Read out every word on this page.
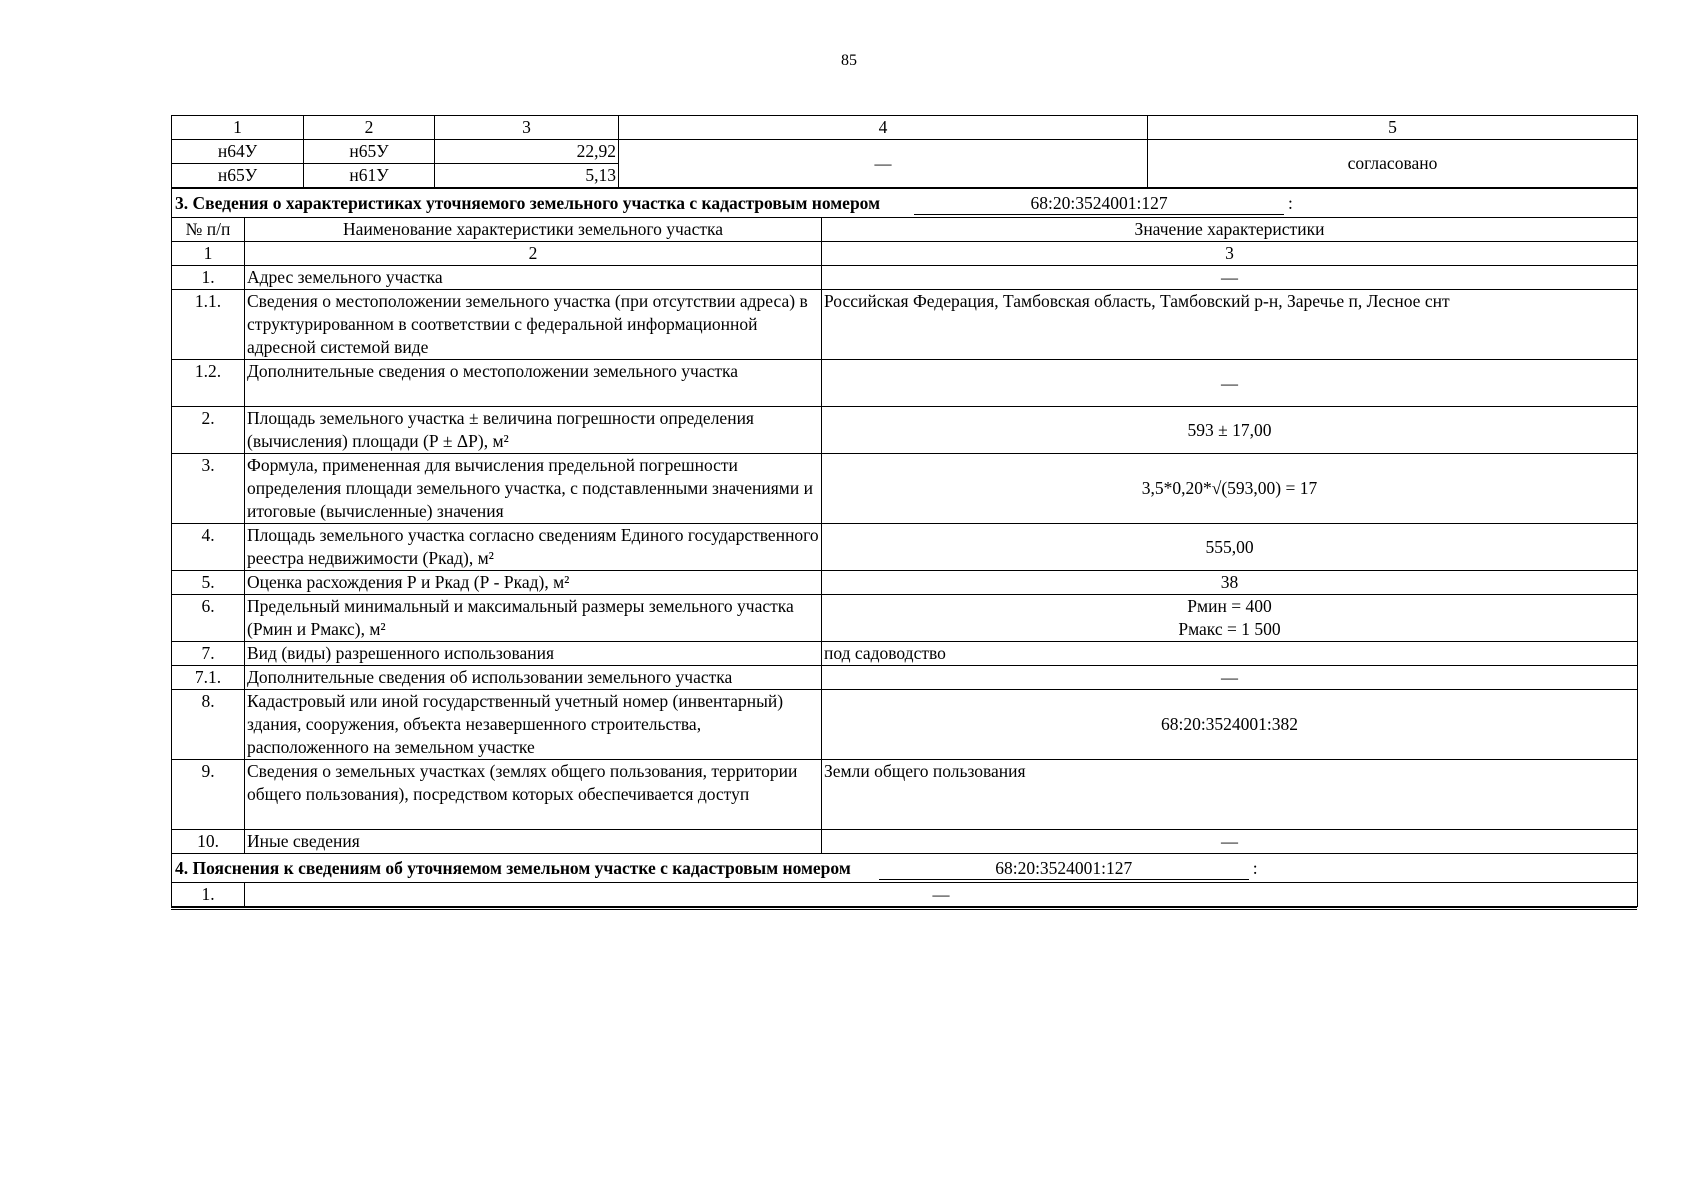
85
1	2	3	4	5
н64У	н65У	22,92	—	согласовано
н65У	н61У	5,13		
3. Сведения о характеристиках уточняемого земельного участка с кадастровым номером 68:20:3524001:127 :		
№ п/п	Наименование характеристики земельного участка	Значение характеристики
1	2	3
1.	Адрес земельного участка	—
1.1.	Сведения о местоположении земельного участка (при отсутствии адреса) в структурированном в соответствии с федеральной информационной адресной системой виде	Российская Федерация, Тамбовская область, Тамбовский р-н, Заречье п, Лесное снт
1.2.	Дополнительные сведения о местоположении земельного участка	—
2.	Площадь земельного участка ± величина погрешности определения (вычисления) площади (Р ± ΔР), м²	593 ± 17,00
3.	Формула, примененная для вычисления предельной погрешности определения площади земельного участка, с подставленными значениями и итоговые (вычисленные) значения	3,5*0,20*√(593,00) = 17
4.	Площадь земельного участка согласно сведениям Единого государственного реестра недвижимости (Ркад), м²	555,00
5.	Оценка расхождения Р и Ркад (Р - Ркад), м²	38
6.	Предельный минимальный и максимальный размеры земельного участка (Рмин и Рмакс), м²	Рмин = 400
Рмакс = 1 500

7.	Вид (виды) разрешенного использования	под садоводство
7.1.	Дополнительные сведения об использовании земельного участка	—
8.	Кадастровый или иной государственный учетный номер (инвентарный) здания, сооружения, объекта незавершенного строительства, расположенного на земельном участке	68:20:3524001:382
9.	Сведения о земельных участках (землях общего пользования, территории общего пользования), посредством которых обеспечивается доступ	Земли общего пользования
10.	Иные сведения	—
4. Пояснения к сведениям об уточняемом земельном участке с кадастровым номером 68:20:3524001:127 :		
1.	—	
